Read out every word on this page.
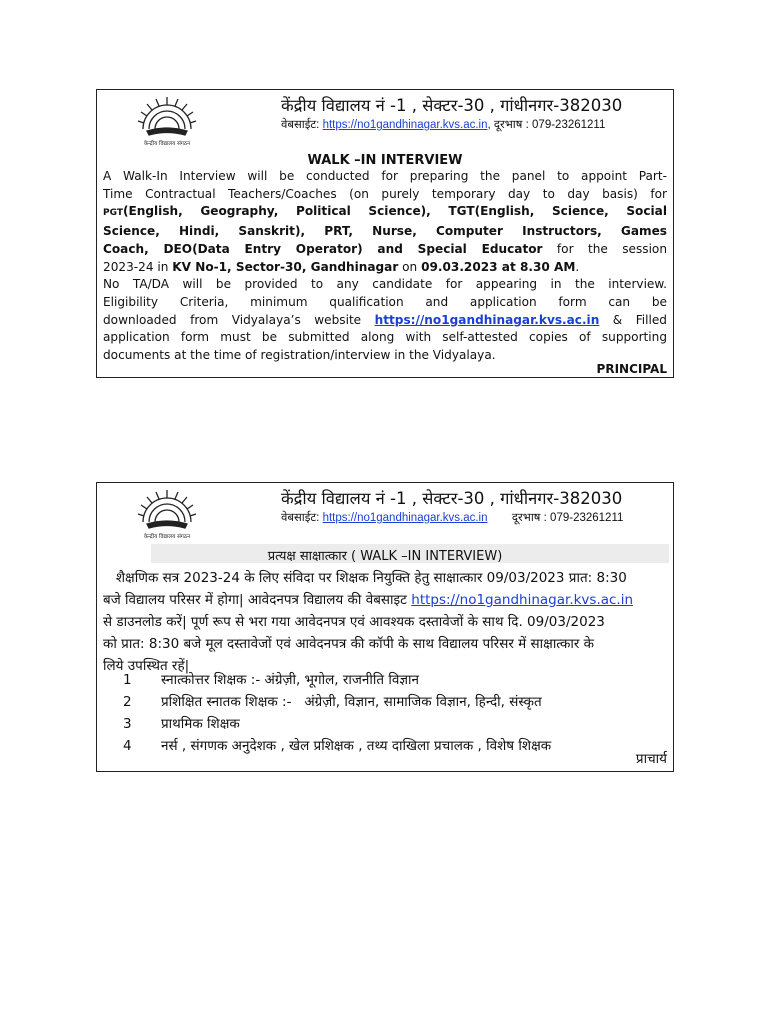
केन्द्रीय विद्यालय संगठन
केंद्रीय विद्यालय नं -1 , सेक्टर-30 , गांधीनगर-382030
वेबसाईट: https://no1gandhinagar.kvs.ac.in, दूरभाष : 079-23261211
WALK –IN INTERVIEW
A Walk-In Interview will be conducted for preparing the panel to appoint Part-
Time Contractual Teachers/Coaches (on purely temporary day to day basis) for
PGT(English, Geography, Political Science), TGT(English, Science, Social
Science, Hindi, Sanskrit), PRT, Nurse, Computer Instructors, Games
Coach, DEO(Data Entry Operator) and Special Educator for the session
2023-24 in KV No-1, Sector-30, Gandhinagar on 09.03.2023 at 8.30 AM.
No TA/DA will be provided to any candidate for appearing in the interview.
Eligibility Criteria, minimum qualification and application form can be
downloaded from Vidyalaya’s website https://no1gandhinagar.kvs.ac.in & Filled
application form must be submitted along with self-attested copies of supporting
documents at the time of registration/interview in the Vidyalaya.
PRINCIPAL
केन्द्रीय विद्यालय संगठन
केंद्रीय विद्यालय नं -1 , सेक्टर-30 , गांधीनगर-382030
वेबसाईट: https://no1gandhinagar.kvs.ac.in दूरभाष : 079-23261211
प्रत्यक्ष साक्षात्कार ( WALK –IN INTERVIEW)
शैक्षणिक सत्र 2023-24 के लिए संविदा पर शिक्षक नियुक्ति हेतु साक्षात्कार 09/03/2023 प्रात: 8:30
बजे विद्यालय परिसर में होगा| आवेदनपत्र विद्यालय की वेबसाइट https://no1gandhinagar.kvs.ac.in
से डाउनलोड करें| पूर्ण रूप से भरा गया आवेदनपत्र एवं आवश्यक दस्तावेजों के साथ दि. 09/03/2023
को प्रात: 8:30 बजे मूल दस्तावेजों एवं आवेदनपत्र की कॉपी के साथ विद्यालय परिसर में साक्षात्कार के
लिये उपस्थित रहें|
1	स्नात्कोत्तर शिक्षक :- अंग्रेज़ी, भूगोल, राजनीति विज्ञान
2	प्रशिक्षित स्नातक शिक्षक :-   अंग्रेज़ी, विज्ञान, सामाजिक विज्ञान, हिन्दी, संस्कृत
3	प्राथमिक शिक्षक
4	नर्स , संगणक अनुदेशक , खेल प्रशिक्षक , तथ्य दाखिला प्रचालक , विशेष शिक्षक
प्राचार्य
